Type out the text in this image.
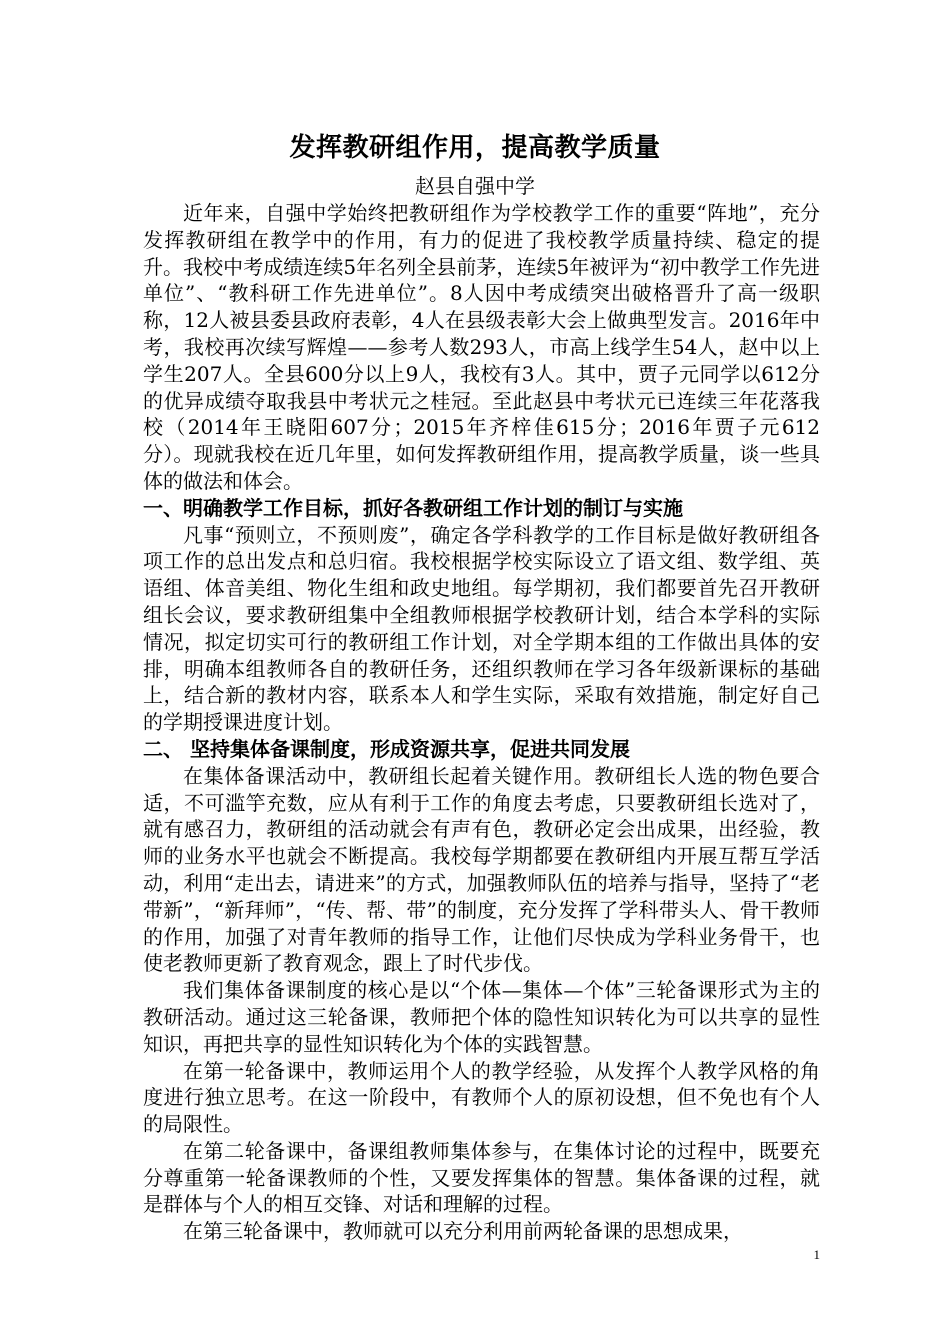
发挥教研组作用，提高教学质量
赵县自强中学

近年来，自强中学始终把教研组作为学校教学工作的重要“阵地”，充分发挥教研组在教学中的作用，有力的促进了我校教学质量持续、稳定的提升。我校中考成绩连续5年名列全县前茅，连续5年被评为“初中教学工作先进单位”、“教科研工作先进单位”。8人因中考成绩突出破格晋升了高一级职称，12人被县委县政府表彰，4人在县级表彰大会上做典型发言。2016年中考，我校再次续写辉煌——参考人数293人，市高上线学生54人，赵中以上学生207人。全县600分以上9人，我校有3人。其中，贾子元同学以612分的优异成绩夺取我县中考状元之桂冠。至此赵县中考状元已连续三年花落我校（2014年王晓阳607分；2015年齐梓佳615分；2016年贾子元612分）。现就我校在近几年里，如何发挥教研组作用，提高教学质量，谈一些具体的做法和体会。

一、明确教学工作目标，抓好各教研组工作计划的制订与实施

凡事“预则立，不预则废”，确定各学科教学的工作目标是做好教研组各项工作的总出发点和总归宿。我校根据学校实际设立了语文组、数学组、英语组、体音美组、物化生组和政史地组。每学期初，我们都要首先召开教研组长会议，要求教研组集中全组教师根据学校教研计划，结合本学科的实际情况，拟定切实可行的教研组工作计划，对全学期本组的工作做出具体的安排，明确本组教师各自的教研任务，还组织教师在学习各年级新课标的基础上，结合新的教材内容，联系本人和学生实际，采取有效措施，制定好自己的学期授课进度计划。

二、 坚持集体备课制度，形成资源共享，促进共同发展

在集体备课活动中，教研组长起着关键作用。教研组长人选的物色要合适，不可滥竽充数，应从有利于工作的角度去考虑，只要教研组长选对了，就有感召力，教研组的活动就会有声有色，教研必定会出成果，出经验，教师的业务水平也就会不断提高。我校每学期都要在教研组内开展互帮互学活动，利用“走出去，请进来”的方式，加强教师队伍的培养与指导，坚持了“老带新”，“新拜师”，“传、帮、带”的制度，充分发挥了学科带头人、骨干教师的作用，加强了对青年教师的指导工作，让他们尽快成为学科业务骨干，也使老教师更新了教育观念，跟上了时代步伐。

我们集体备课制度的核心是以“个体—集体—个体”三轮备课形式为主的教研活动。通过这三轮备课，教师把个体的隐性知识转化为可以共享的显性知识，再把共享的显性知识转化为个体的实践智慧。

在第一轮备课中，教师运用个人的教学经验，从发挥个人教学风格的角度进行独立思考。在这一阶段中，有教师个人的原初设想，但不免也有个人的局限性。

在第二轮备课中，备课组教师集体参与，在集体讨论的过程中，既要充分尊重第一轮备课教师的个性，又要发挥集体的智慧。集体备课的过程，就是群体与个人的相互交锋、对话和理解的过程。

在第三轮备课中，教师就可以充分利用前两轮备课的思想成果，

1
